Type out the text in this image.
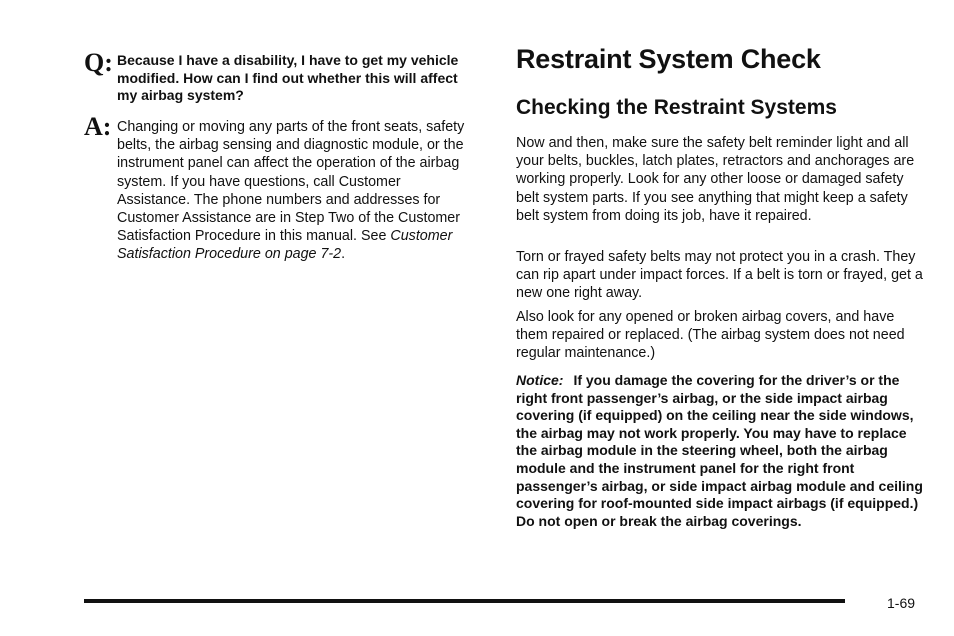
Q: Because I have a disability, I have to get my vehicle modified. How can I find out whether this will affect my airbag system?
A: Changing or moving any parts of the front seats, safety belts, the airbag sensing and diagnostic module, or the instrument panel can affect the operation of the airbag system. If you have questions, call Customer Assistance. The phone numbers and addresses for Customer Assistance are in Step Two of the Customer Satisfaction Procedure in this manual. See Customer Satisfaction Procedure on page 7-2.
Restraint System Check
Checking the Restraint Systems

Now and then, make sure the safety belt reminder light and all your belts, buckles, latch plates, retractors and anchorages are working properly. Look for any other loose or damaged safety belt system parts. If you see anything that might keep a safety belt system from doing its job, have it repaired.

Torn or frayed safety belts may not protect you in a crash. They can rip apart under impact forces. If a belt is torn or frayed, get a new one right away.

Also look for any opened or broken airbag covers, and have them repaired or replaced. (The airbag system does not need regular maintenance.)

Notice: If you damage the covering for the driver’s or the right front passenger’s airbag, or the side impact airbag covering (if equipped) on the ceiling near the side windows, the airbag may not work properly. You may have to replace the airbag module in the steering wheel, both the airbag module and the instrument panel for the right front passenger’s airbag, or side impact airbag module and ceiling covering for roof-mounted side impact airbags (if equipped.) Do not open or break the airbag coverings.

1-69
